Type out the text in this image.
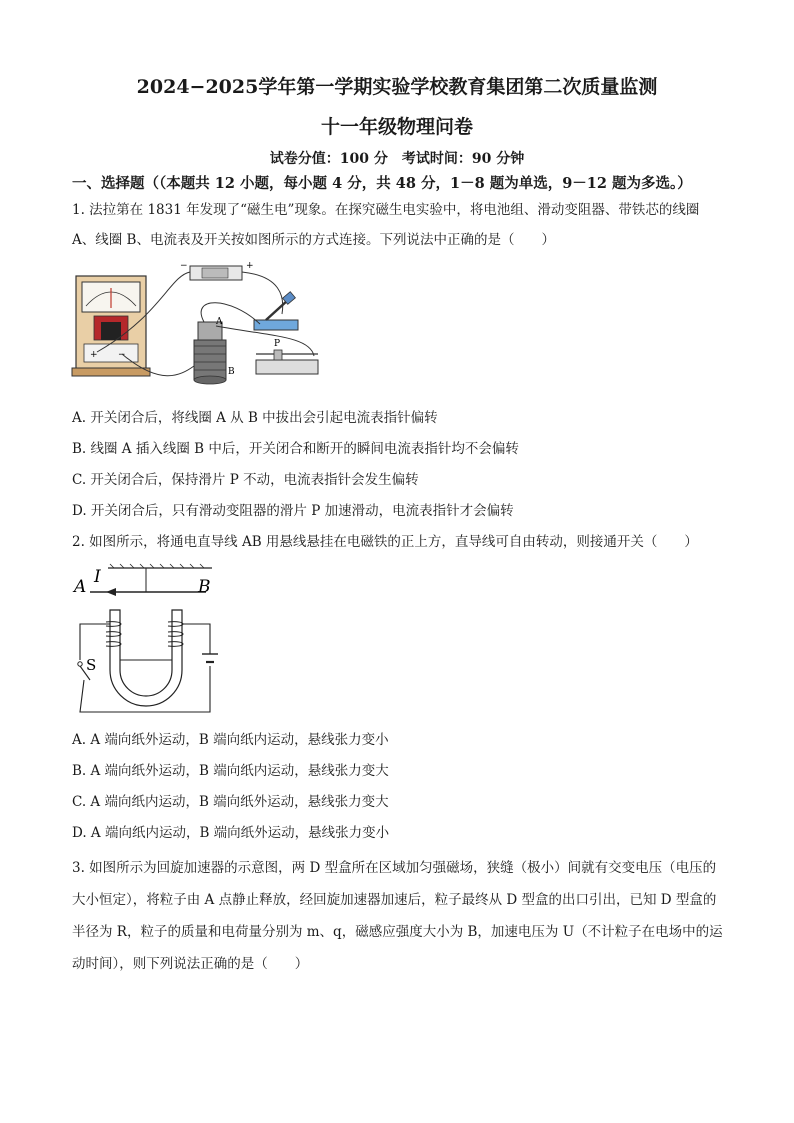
2024−2025学年第一学期实验学校教育集团第二次质量监测
十一年级物理问卷
试卷分值：100 分　考试时间：90 分钟
一、选择题（（本题共 12 小题，每小题 4 分，共 48 分，1－8 题为单选，9－12 题为多选。）
1. 法拉第在 1831 年发现了“磁生电”现象。在探究磁生电实验中，将电池组、滑动变阻器、带铁芯的线圈
A、线圈 B、电流表及开关按如图所示的方式连接。下列说法中正确的是（　　）
+ −
−	+
A
B
P
A. 开关闭合后，将线圈 A 从 B 中拔出会引起电流表指针偏转
B. 线圈 A 插入线圈 B 中后，开关闭合和断开的瞬间电流表指针均不会偏转
C. 开关闭合后，保持滑片 P 不动，电流表指针会发生偏转
D. 开关闭合后，只有滑动变阻器的滑片 P 加速滑动，电流表指针才会偏转
2. 如图所示，将通电直导线 AB 用悬线悬挂在电磁铁的正上方，直导线可自由转动，则接通开关（　　）
A I	B
S
A. A 端向纸外运动，B 端向纸内运动，悬线张力变小
B. A 端向纸外运动，B 端向纸内运动，悬线张力变大
C. A 端向纸内运动，B 端向纸外运动，悬线张力变大
D. A 端向纸内运动，B 端向纸外运动，悬线张力变小
3. 如图所示为回旋加速器的示意图，两 D 型盒所在区域加匀强磁场，狭缝（极小）间就有交变电压（电压的大小恒定），将粒子由 A 点静止释放，经回旋加速器加速后，粒子最终从 D 型盒的出口引出，已知 D 型盒的半径为 R，粒子的质量和电荷量分别为 m、q，磁感应强度大小为 B，加速电压为 U（不计粒子在电场中的运动时间），则下列说法正确的是（　　）
